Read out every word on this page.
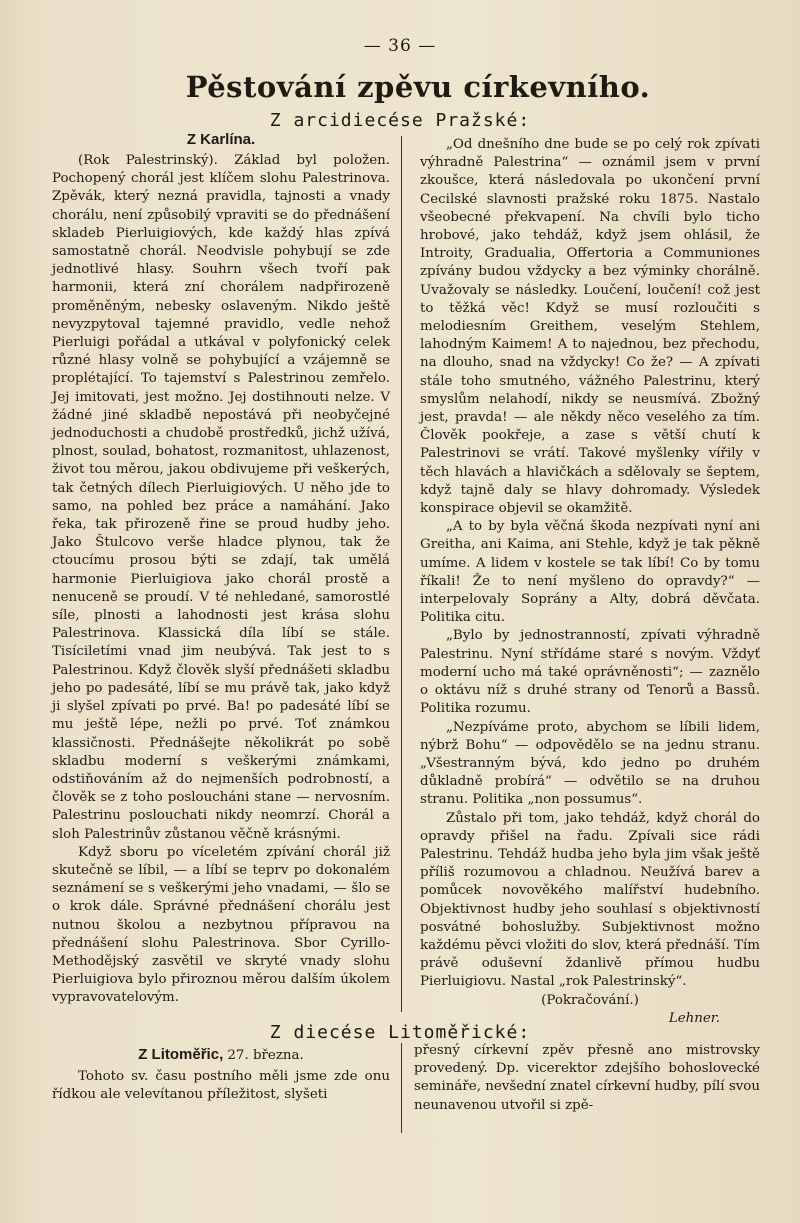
— 36 —
Pěstování zpěvu církevního.
Z arcidiecése Pražské:
Z Karlína.

(Rok Palestrinský). Základ byl položen. Pochopený chorál jest klíčem slohu Palestrinova. Zpěvák, který nezná pravidla, tajnosti a vnady chorálu, není způsobilý vpraviti se do přednášení skladeb Pierluigiových, kde každý hlas zpívá samostatně chorál. Neodvisle pohybují se zde jednotlivé hlasy. Souhrn všech tvoří pak harmonii, která zní chorálem nadpřirozeně proměněným, nebesky oslaveným. Nikdo ještě nevyzpytoval tajemné pravidlo, vedle nehož Pierluigi pořádal a utkával v polyfonický celek různé hlasy volně se pohybující a vzájemně se proplétající. To tajemství s Palestrinou zemřelo. Jej imitovati, jest možno. Jej dostihnouti nelze. V žádné jiné skladbě nepostává při neobyčejné jednoduchosti a chudobě prostředků, jichž užívá, plnost, soulad, bohatost, rozmanitost, uhlazenost, život tou měrou, jakou obdivujeme při veškerých, tak četných dílech Pierluigiových. U něho jde to samo, na pohled bez práce a namáhání. Jako řeka, tak přirozeně řine se proud hudby jeho. Jako Štulcovo verše hladce plynou, tak že ctoucímu prosou býti se zdají, tak umělá harmonie Pierluigiova jako chorál prostě a nenuceně se proudí. V té nehledané, samorostlé síle, plnosti a lahodnosti jest krása slohu Palestrinova. Klassická díla líbí se stále. Tisíciletími vnad jim neubývá. Tak jest to s Palestrinou. Když člověk slyší přednášeti skladbu jeho po padesáté, líbí se mu právě tak, jako když ji slyšel zpívati po prvé. Ba! po padesáté líbí se mu ještě lépe, nežli po prvé. Toť známkou klassičnosti. Přednášejte několikrát po sobě skladbu moderní s veškerými známkami, odstiňováním až do nejmenších podrobností, a člověk se z toho posloucháni stane — nervosním. Palestrinu poslouchati nikdy neomrzí. Chorál a sloh Palestrinův zůstanou věčně krásnými.

Když sboru po víceletém zpívání chorál již skutečně se líbil, — a líbí se teprv po dokonalém seznámení se s veškerými jeho vnadami, — šlo se o krok dále. Správné přednášení chorálu jest nutnou školou a nezbytnou přípravou na přednášení slohu Palestrinova. Sbor Cyrillo-Methodějský zasvětil ve skryté vnady slohu Pierluigiova bylo přiroznou měrou dalším úkolem vypravovatelovým.

„Od dnešního dne bude se po celý rok zpívati výhradně Palestrina“ — oznámil jsem v první zkoušce, která následovala po ukončení první Cecilské slavnosti pražské roku 1875. Nastalo všeobecné překvapení. Na chvíli bylo ticho hrobové, jako tehdáž, když jsem ohlásil, že Introity, Gradualia, Offertoria a Communiones zpívány budou vždycky a bez výminky chorálně. Uvažovaly se následky. Loučení, loučení! což jest to těžká věc! Když se musí rozloučiti s melodiesním Greithem, veselým Stehlem, lahodným Kaimem! A to najednou, bez přechodu, na dlouho, snad na vždycky! Co že? — A zpívati stále toho smutného, vážného Palestrinu, který smyslům nelahodí, nikdy se neusmívá. Zbožný jest, pravda! — ale někdy něco veselého za tím. Člověk pookřeje, a zase s větší chutí k Palestrinovi se vrátí. Takové myšlenky vířily v těch hlavách a hlavičkách a sdělovaly se šeptem, když tajně daly se hlavy dohromady. Výsledek konspirace objevil se okamžitě.

„A to by byla věčná škoda nezpívati nyní ani Greitha, ani Kaima, ani Stehle, když je tak pěkně umíme. A lidem v kostele se tak líbí! Co by tomu říkali! Že to není myšleno do opravdy?“ — interpelovaly Soprány a Alty, dobrá děvčata. Politika citu.

„Bylo by jednostranností, zpívati výhradně Palestrinu. Nyní střídáme staré s novým. Vždyť moderní ucho má také oprávněnosti“; — zaznělo o oktávu níž s druhé strany od Tenorů a Bassů. Politika rozumu.

„Nezpíváme proto, abychom se líbili lidem, nýbrž Bohu“ — odpovědělo se na jednu stranu. „Všestranným bývá, kdo jedno po druhém důkladně probírá“ — odvětilo se na druhou stranu. Politika „non possumus“.

Zůstalo při tom, jako tehdáž, když chorál do opravdy přišel na řadu. Zpívali sice rádi Palestrinu. Tehdáž hudba jeho byla jim však ještě příliš rozumovou a chladnou. Neužívá barev a pomůcek novověkého malířství hudebního. Objektivnost hudby jeho souhlasí s objektivností posvátné bohoslužby. Subjektivnost možno každému pěvci vložiti do slov, která přednáší. Tím právě oduševní ždanlivě přímou hudbu Pierluigiovu. Nastal „rok Palestrinský“.

(Pokračování.)

Lehner.

Z diecése Litoměřické:
Z Litoměřic, 27. března.

Tohoto sv. času postního měli jsme zde onu řídkou ale velevítanou příležitost, slyšeti

přesný církevní zpěv přesně ano mistrovsky provedený. Dp. vicerektor zdejšího bohoslovecké semináře, nevšední znatel církevní hudby, pílí svou neunavenou utvořil si zpě-
